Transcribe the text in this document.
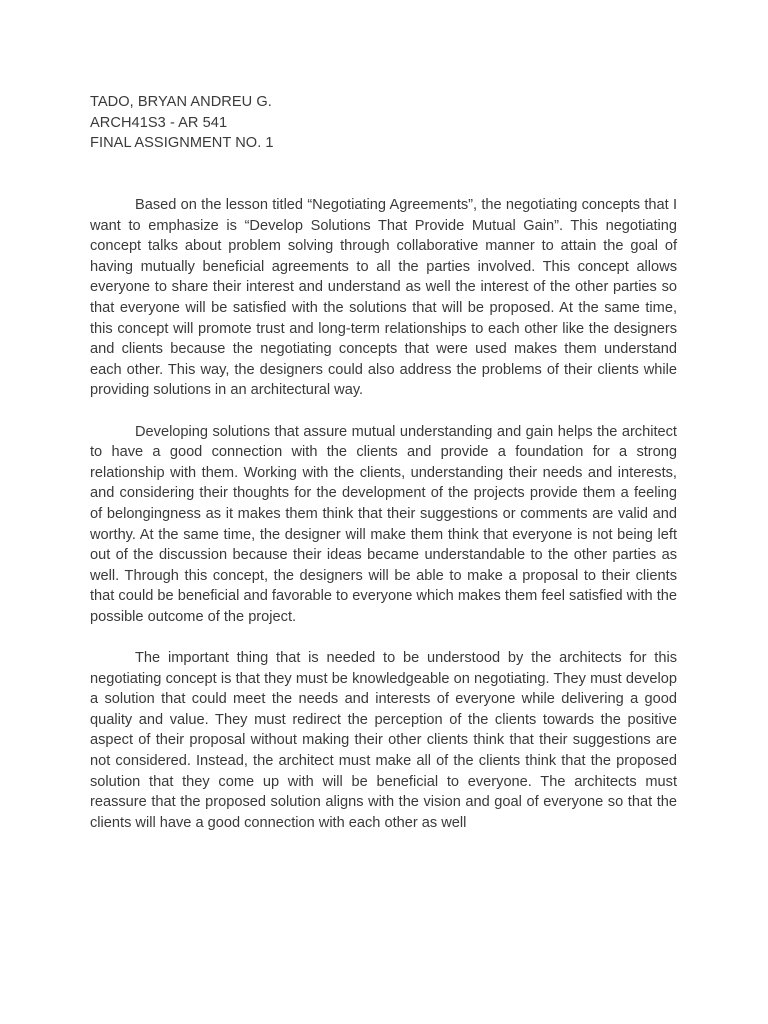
TADO, BRYAN ANDREU G.
ARCH41S3 - AR 541
FINAL ASSIGNMENT NO. 1

Based on the lesson titled “Negotiating Agreements”, the negotiating concepts that I want to emphasize is “Develop Solutions That Provide Mutual Gain”. This negotiating concept talks about problem solving through collaborative manner to attain the goal of having mutually beneficial agreements to all the parties involved. This concept allows everyone to share their interest and understand as well the interest of the other parties so that everyone will be satisfied with the solutions that will be proposed. At the same time, this concept will promote trust and long-term relationships to each other like the designers and clients because the negotiating concepts that were used makes them understand each other. This way, the designers could also address the problems of their clients while providing solutions in an architectural way.

Developing solutions that assure mutual understanding and gain helps the architect to have a good connection with the clients and provide a foundation for a strong relationship with them. Working with the clients, understanding their needs and interests, and considering their thoughts for the development of the projects provide them a feeling of belongingness as it makes them think that their suggestions or comments are valid and worthy. At the same time, the designer will make them think that everyone is not being left out of the discussion because their ideas became understandable to the other parties as well. Through this concept, the designers will be able to make a proposal to their clients that could be beneficial and favorable to everyone which makes them feel satisfied with the possible outcome of the project.

The important thing that is needed to be understood by the architects for this negotiating concept is that they must be knowledgeable on negotiating. They must develop a solution that could meet the needs and interests of everyone while delivering a good quality and value. They must redirect the perception of the clients towards the positive aspect of their proposal without making their other clients think that their suggestions are not considered. Instead, the architect must make all of the clients think that the proposed solution that they come up with will be beneficial to everyone. The architects must reassure that the proposed solution aligns with the vision and goal of everyone so that the clients will have a good connection with each other as well
